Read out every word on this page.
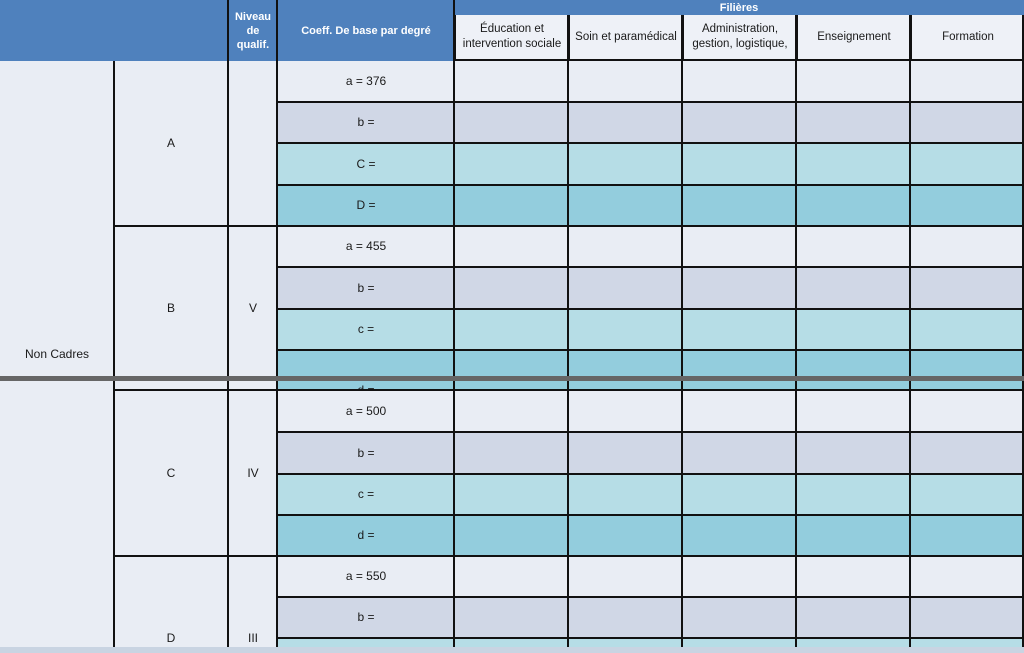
Niveau de qualif.
Coeff. De base par degré
Filières
Éducation et intervention sociale
Soin et paramédical
Administration, gestion, logistique,
Enseignement	Formation
Non Cadres
A
B
C
D
V
IV
III
a = 376
b =
C =
D =
a = 455
b =
c =
a = 500
b =
c =
d =
a = 550
b =
